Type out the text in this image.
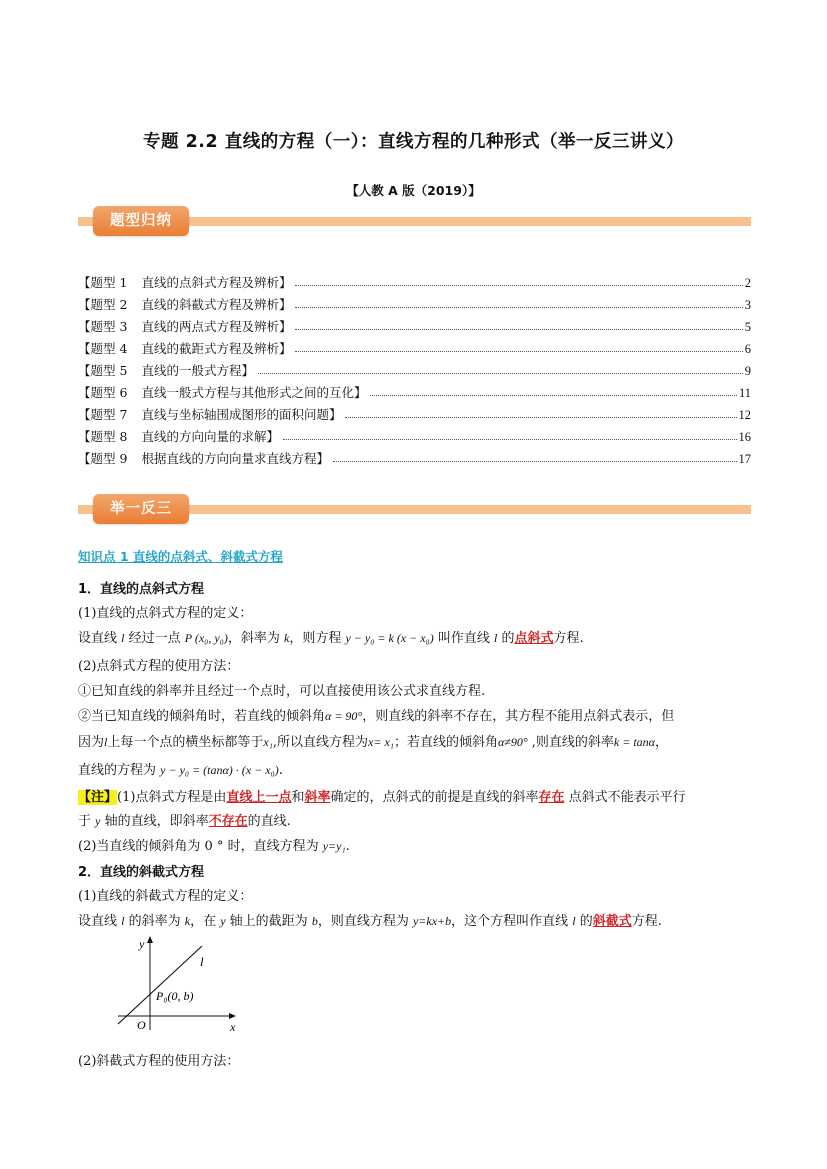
专题 2.2 直线的方程（一）：直线方程的几种形式（举一反三讲义）
【人教 A 版（2019）】
题型归纳
【题型 1 直线的点斜式方程及辨析】	2
【题型 2 直线的斜截式方程及辨析】	3
【题型 3 直线的两点式方程及辨析】	5
【题型 4 直线的截距式方程及辨析】	6
【题型 5 直线的一般式方程】	9
【题型 6 直线一般式方程与其他形式之间的互化】	11
【题型 7 直线与坐标轴围成图形的面积问题】	12
【题型 8 直线的方向向量的求解】	16
【题型 9 根据直线的方向向量求直线方程】	17
举一反三
知识点 1 直线的点斜式、斜截式方程
1．直线的点斜式方程
(1)直线的点斜式方程的定义：
设直线 l 经过一点 P (x₀, y₀)，斜率为 k，则方程 y − y₀ = k (x − x₀) 叫作直线 l 的点斜式方程.
(2)点斜式方程的使用方法：
①已知直线的斜率并且经过一个点时，可以直接使用该公式求直线方程.
②当已知直线的倾斜角时，若直线的倾斜角α = 90°，则直线的斜率不存在，其方程不能用点斜式表示，但
因为l上每一个点的横坐标都等于x₁,所以直线方程为x= x₁；若直线的倾斜角α≠90° ,则直线的斜率k = tanα，
直线的方程为 y − y₀ = (tanα) · (x − x₀).
【注】(1)点斜式方程是由直线上一点和斜率确定的，点斜式的前提是直线的斜率存在 点斜式不能表示平行
于 y 轴的直线，即斜率不存在的直线.
(2)当直线的倾斜角为 0 ° 时，直线方程为 y=y₁.
2．直线的斜截式方程
(1)直线的斜截式方程的定义：
设直线 l 的斜率为 k，在 y 轴上的截距为 b，则直线方程为 y=kx+b，这个方程叫作直线 l 的斜截式方程.
y
x
O
l
P₀(0, b)
(2)斜截式方程的使用方法：
